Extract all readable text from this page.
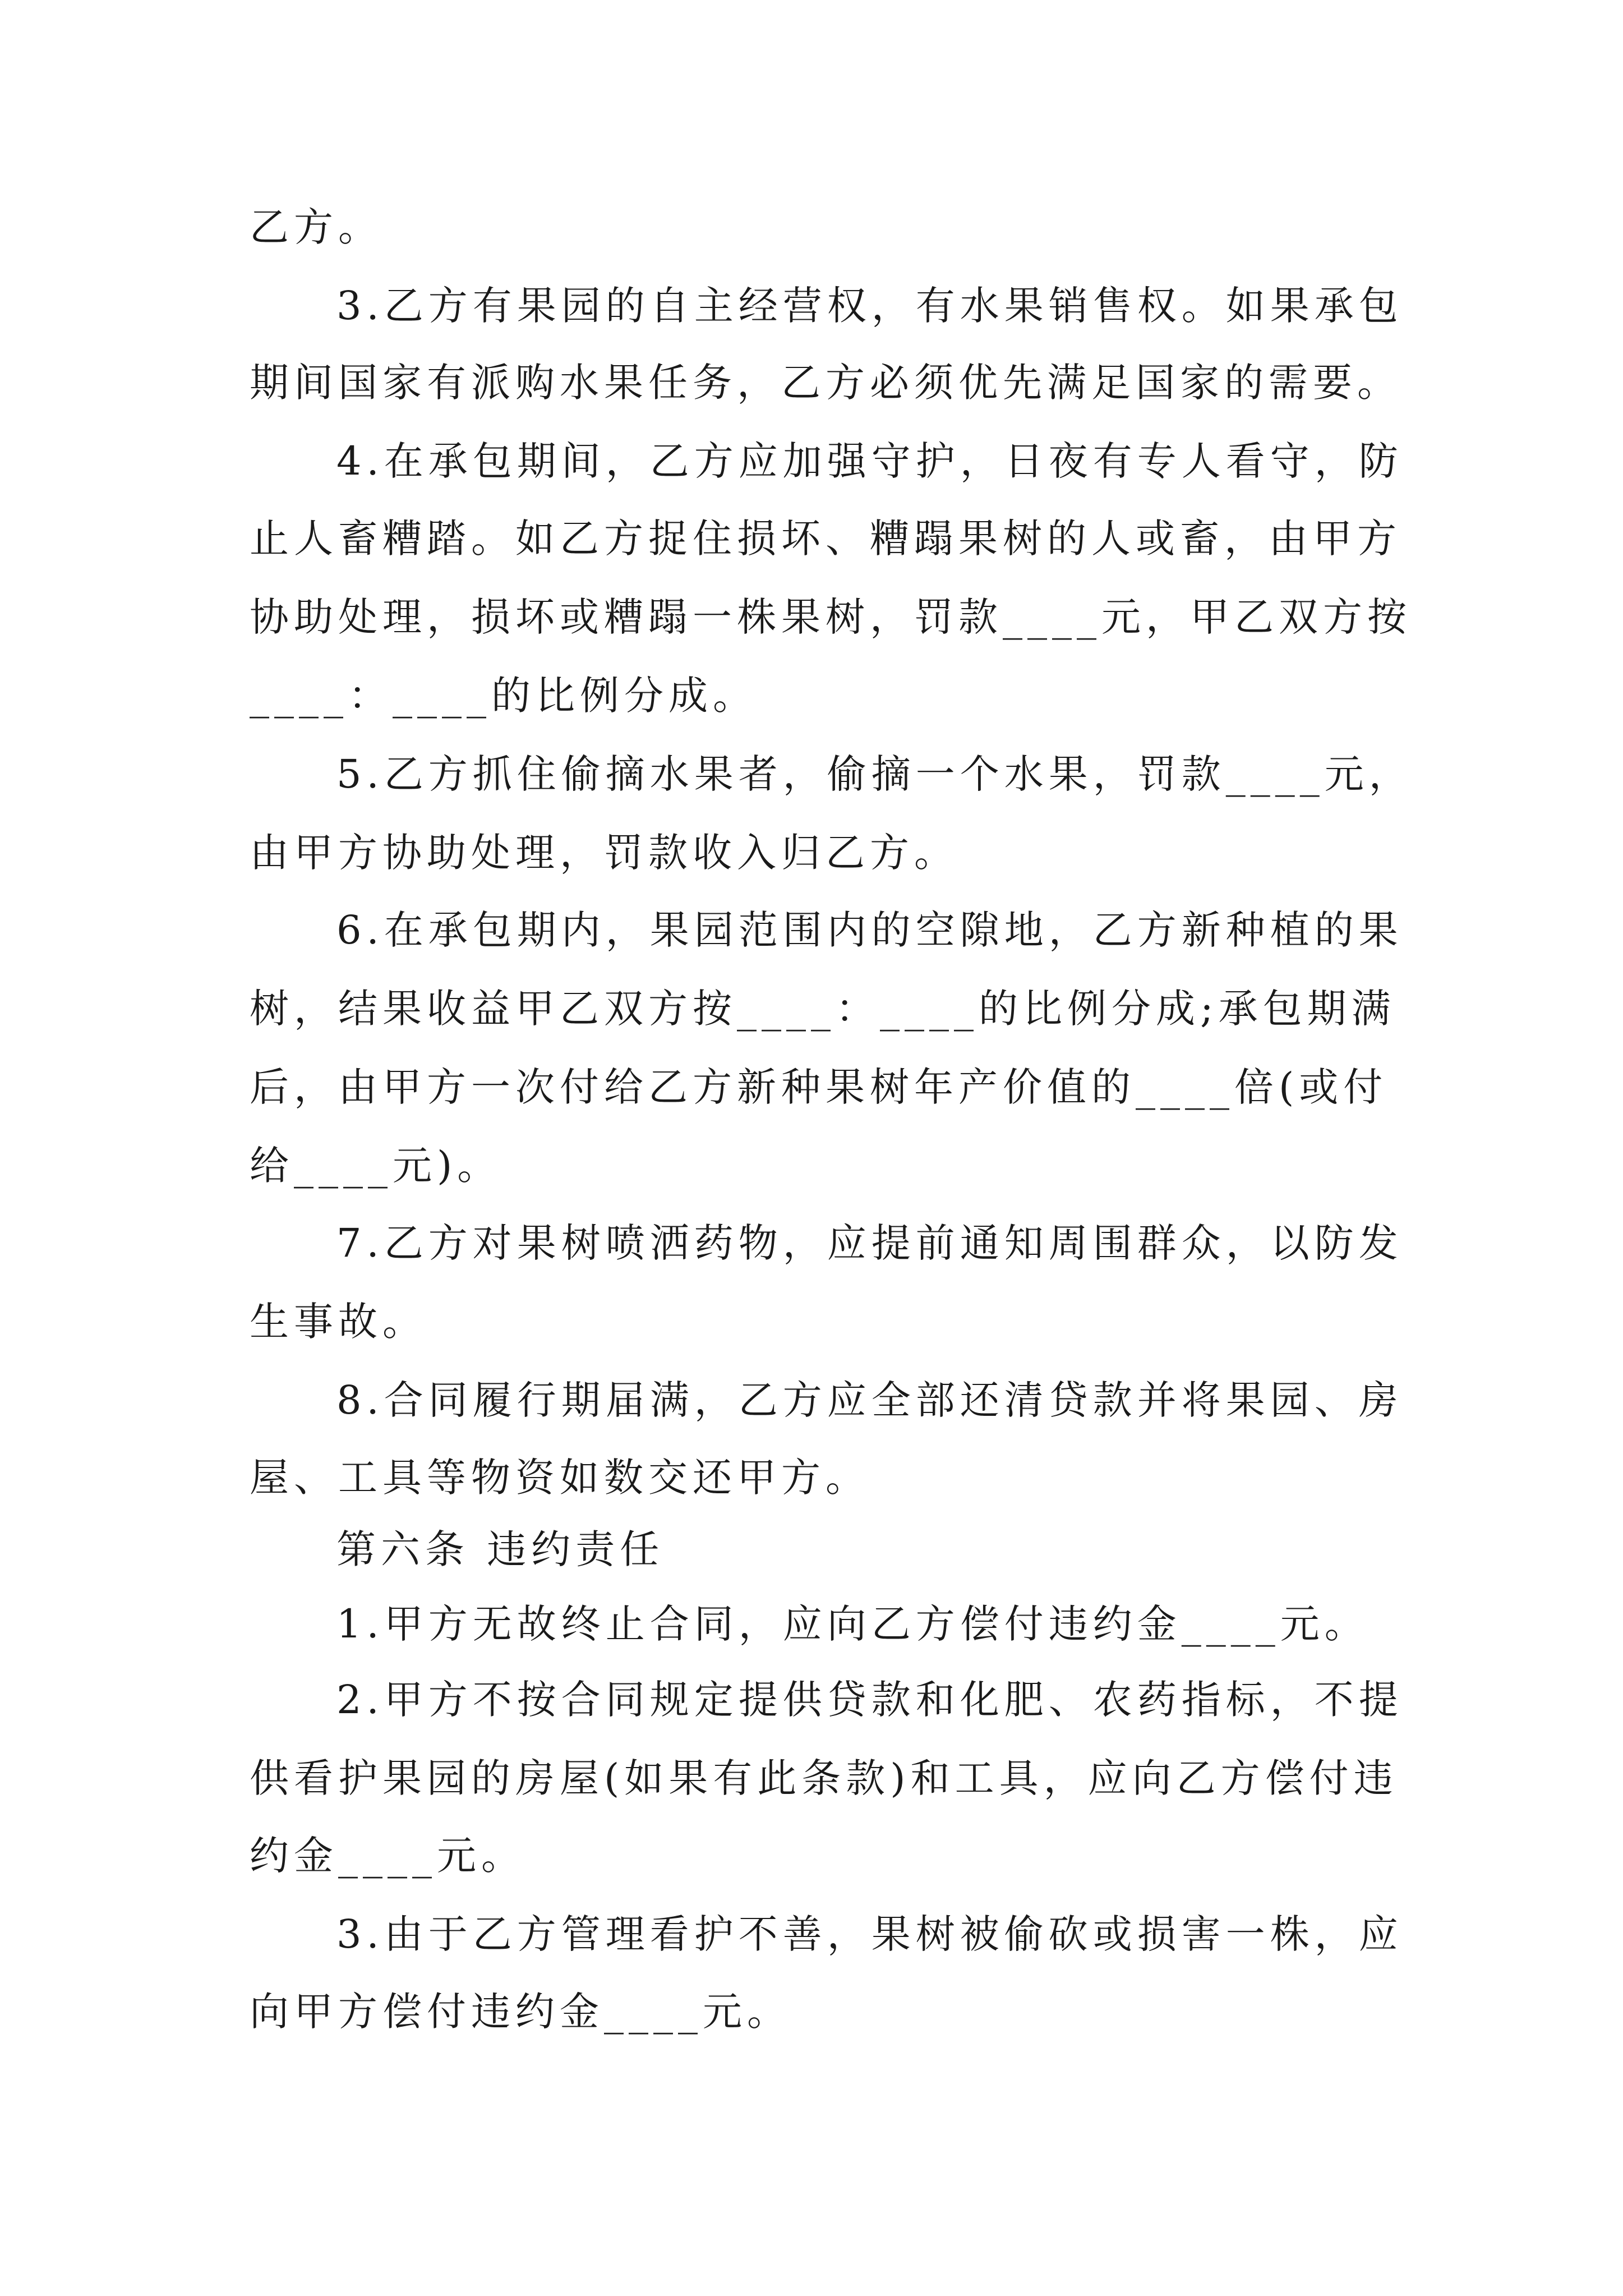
乙方。

3.乙方有果园的自主经营权，有水果销售权。如果承包

期间国家有派购水果任务，乙方必须优先满足国家的需要。

4.在承包期间，乙方应加强守护，日夜有专人看守，防

止人畜糟踏。如乙方捉住损坏、糟蹋果树的人或畜，由甲方

协助处理，损坏或糟蹋一株果树，罚款____元，甲乙双方按

____：____的比例分成。

5.乙方抓住偷摘水果者，偷摘一个水果，罚款____元，

由甲方协助处理，罚款收入归乙方。

6.在承包期内，果园范围内的空隙地，乙方新种植的果

树，结果收益甲乙双方按____：____的比例分成;承包期满

后，由甲方一次付给乙方新种果树年产价值的____倍(或付

给____元)。

7.乙方对果树喷洒药物，应提前通知周围群众，以防发

生事故。

8.合同履行期届满，乙方应全部还清贷款并将果园、房

屋、工具等物资如数交还甲方。

第六条 违约责任

1.甲方无故终止合同，应向乙方偿付违约金____元。

2.甲方不按合同规定提供贷款和化肥、农药指标，不提

供看护果园的房屋(如果有此条款)和工具，应向乙方偿付违

约金____元。

3.由于乙方管理看护不善，果树被偷砍或损害一株，应

向甲方偿付违约金____元。
